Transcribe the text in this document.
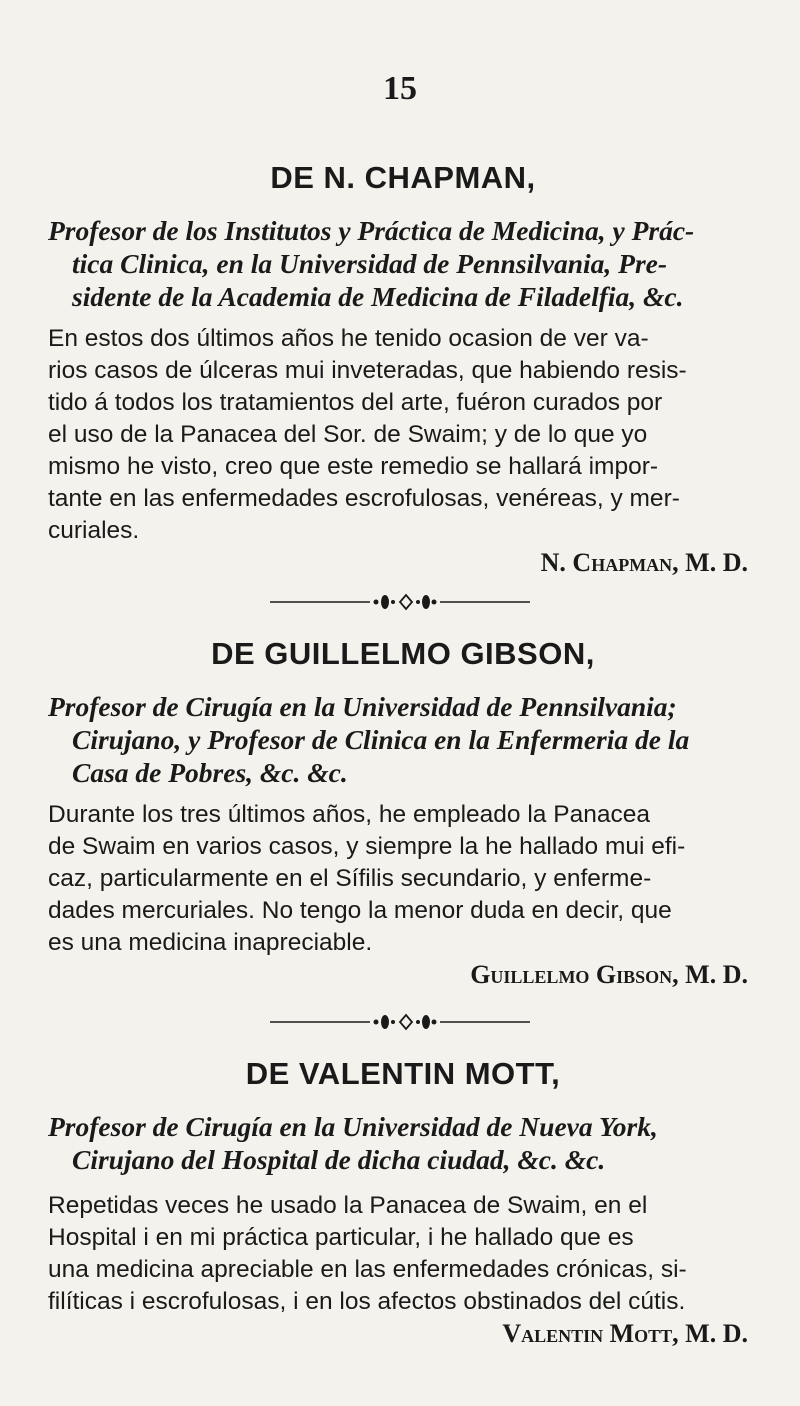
15
DE N. CHAPMAN,
Profesor de los Institutos y Práctica de Medicina, y Prác-
tica Clinica, en la Universidad de Pennsilvania, Pre-
sidente de la Academia de Medicina de Filadelfia, &c.
En estos dos últimos años he tenido ocasion de ver va-
rios casos de úlceras mui inveteradas, que habiendo resis-
tido á todos los tratamientos del arte, fuéron curados por
el uso de la Panacea del Sor. de Swaim; y de lo que yo
mismo he visto, creo que este remedio se hallará impor-
tante en las enfermedades escrofulosas, venéreas, y mer-
curiales.
N. Chapman, M. D.
DE GUILLELMO GIBSON,
Profesor de Cirugía en la Universidad de Pennsilvania;
Cirujano, y Profesor de Clinica en la Enfermeria de la
Casa de Pobres, &c. &c.
Durante los tres últimos años, he empleado la Panacea
de Swaim en varios casos, y siempre la he hallado mui efi-
caz, particularmente en el Sífilis secundario, y enferme-
dades mercuriales. No tengo la menor duda en decir, que
es una medicina inapreciable.
Guillelmo Gibson, M. D.
DE VALENTIN MOTT,
Profesor de Cirugía en la Universidad de Nueva York,
Cirujano del Hospital de dicha ciudad, &c. &c.
Repetidas veces he usado la Panacea de Swaim, en el
Hospital i en mi práctica particular, i he hallado que es
una medicina apreciable en las enfermedades crónicas, si-
filíticas i escrofulosas, i en los afectos obstinados del cútis.
Valentin Mott, M. D.
